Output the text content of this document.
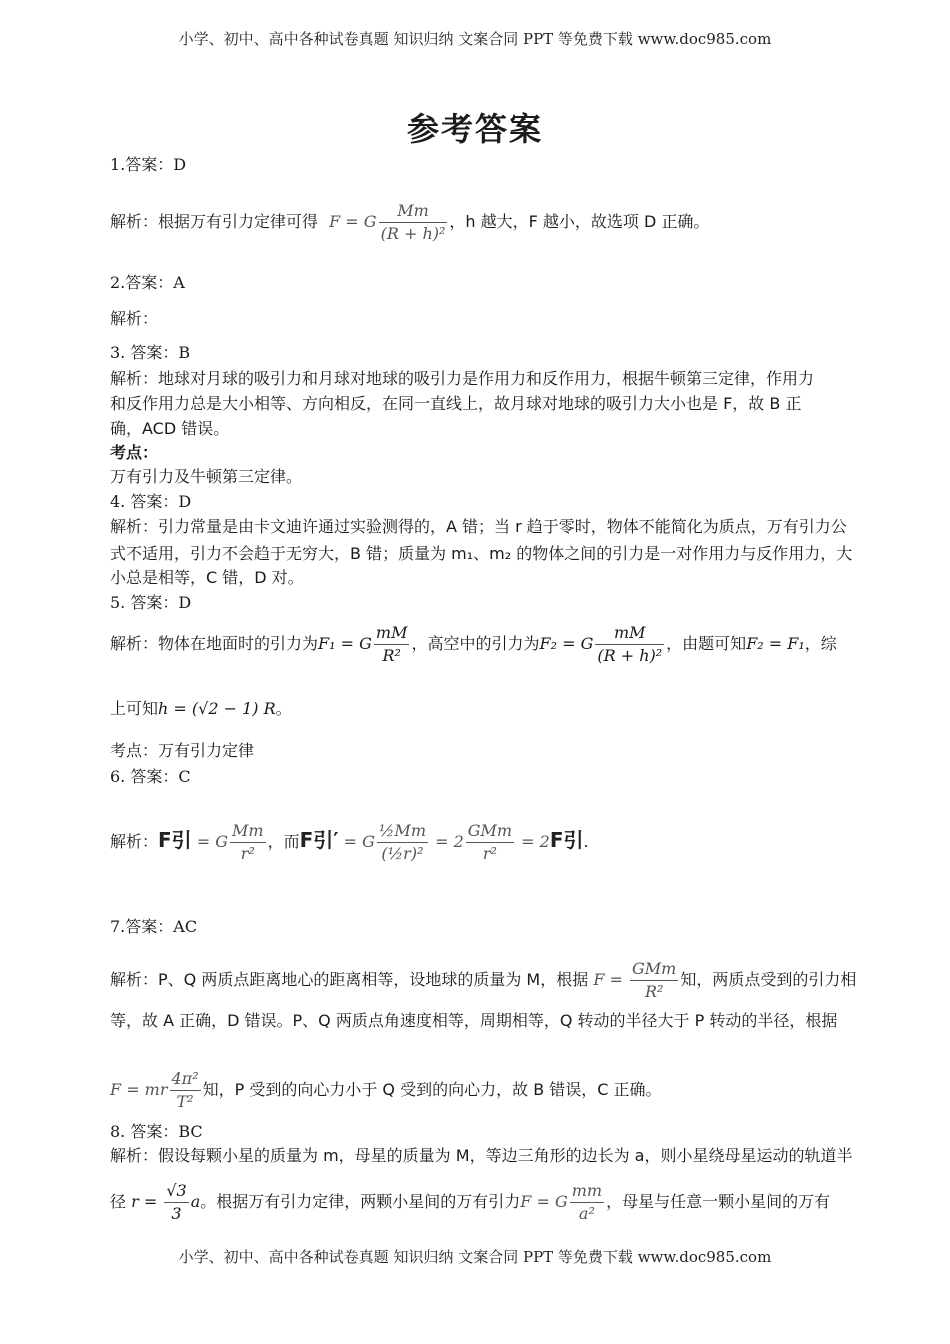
小学、初中、高中各种试卷真题 知识归纳 文案合同 PPT 等免费下载 www.doc985.com
参考答案
1.答案：D
解析：根据万有引力定律可得 F = G $\frac{Mm}{\text{(R + h)²}}$ ，h 越大，F 越小，故选项 D 正确。
2.答案：A
解析：
3. 答案：B
解析：地球对月球的吸引力和月球对地球的吸引力是作用力和反作用力，根据牛顿第三定律，作用力
和反作用力总是大小相等、方向相反，在同一直线上，故月球对地球的吸引力大小也是 F，故 B 正
确，ACD 错误。
考点：
万有引力及牛顿第三定律。
4. 答案：D
解析：引力常量是由卡文迪许通过实验测得的，A 错；当 r 趋于零时，物体不能简化为质点，万有引力公
式不适用，引力不会趋于无穷大，B 错；质量为 m₁、m₂ 的物体之间的引力是一对作用力与反作用力，大
小总是相等，C 错，D 对。
5. 答案：D
解析：物体在地面时的引力为F₁ = G $\frac{mM}{\text{R²}}$ ，高空中的引力为F₂ = G $\frac{mM}{\text{(R + h)²}}$ ，由题可知F₂ = F₁，综
上可知h = (√2 − 1) R。
考点：万有引力定律
6. 答案：C
解析：F引 = G $\frac{Mm}{\text{r²}}$ ，而F引′ = G $\frac{\text{½Mm}}{\text{(½r)²}} = 2 \frac{\text{GMm}}{\text{r²}} = 2F$引.
7.答案：AC
解析：P、Q 两质点距离地心的距离相等，设地球的质量为 M，根据 $F = \frac{\text{GMm}}{\text{R²}}$ 知，两质点受到的引力相
等，故 A 正确，D 错误。P、Q 两质点角速度相等，周期相等，Q 转动的半径大于 P 转动的半径，根据
F = mr $\frac{\text{4π²}}{\text{T²}}$ 知，P 受到的向心力小于 Q 受到的向心力，故 B 错误，C 正确。
8. 答案：BC
解析：假设每颗小星的质量为 m，母星的质量为 M，等边三角形的边长为 a，则小星绕母星运动的轨道半
径 $r = \frac{√3}{3}$ a。根据万有引力定律，两颗小星间的万有引力F = G $\frac{mm}{\text{a²}}$ ，母星与任意一颗小星间的万有
小学、初中、高中各种试卷真题 知识归纳 文案合同 PPT 等免费下载 www.doc985.com
